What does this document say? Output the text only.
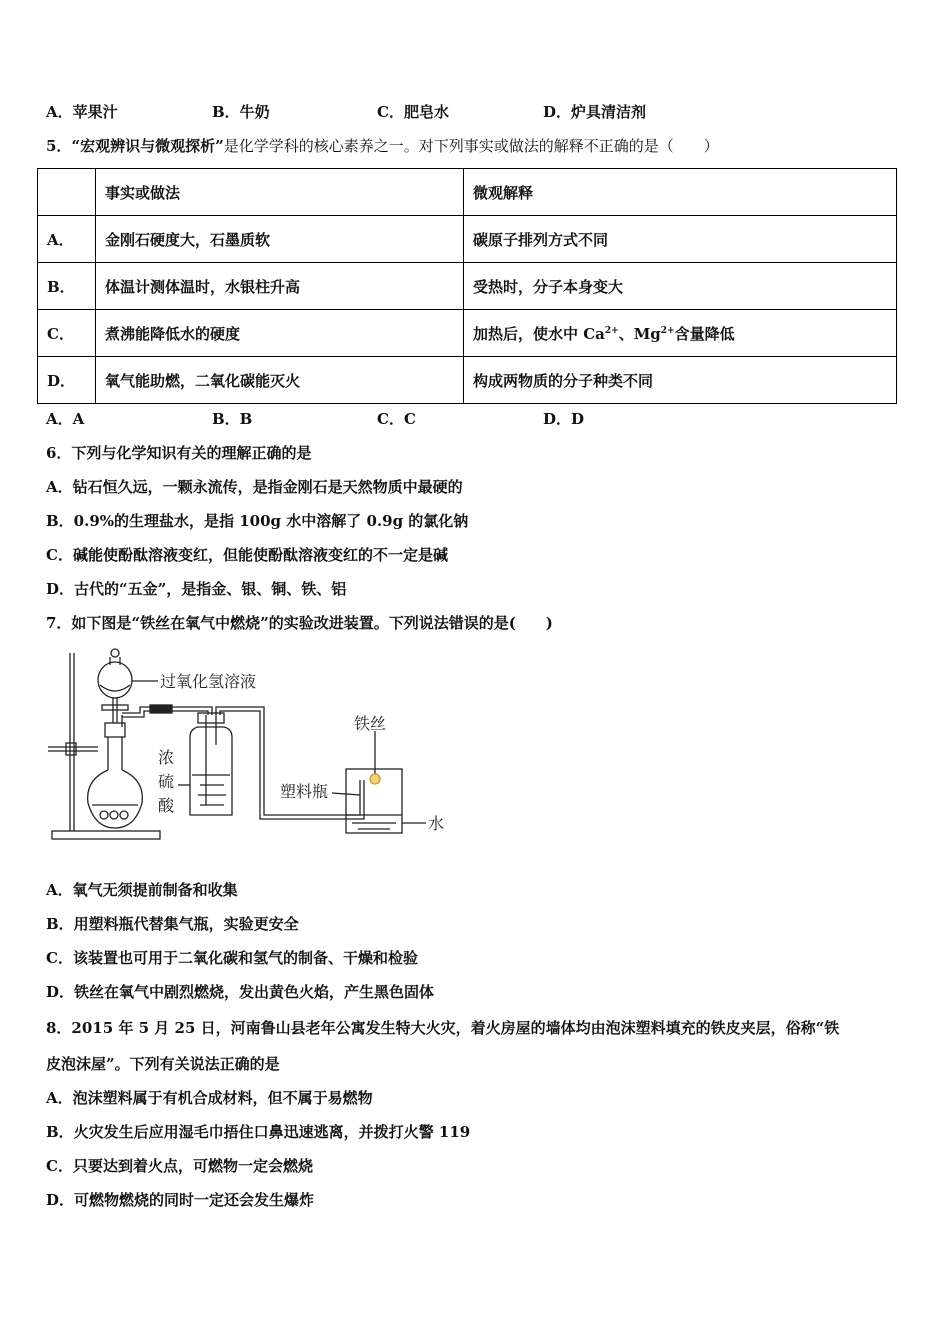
A．苹果汁	B．牛奶	C．肥皂水	D．炉具清洁剂
5．“宏观辨识与微观探析”是化学学科的核心素养之一。对下列事实或做法的解释不正确的是（　　）
	事实或做法	微观解释
A．	金刚石硬度大，石墨质软	碳原子排列方式不同
B．	体温计测体温时，水银柱升高	受热时，分子本身变大
C．	煮沸能降低水的硬度	加热后，使水中 $Ca^{2+}$、$Mg^{2+}$含量降低
D．	氧气能助燃，二氧化碳能灭火	构成两物质的分子种类不同
A．A	B．B	C．C	D．D
6．下列与化学知识有关的理解正确的是
A．钻石恒久远，一颗永流传，是指金刚石是天然物质中最硬的
B．0.9%的生理盐水，是指 100g 水中溶解了 0.9g 的氯化钠
C．碱能使酚酞溶液变红，但能使酚酞溶液变红的不一定是碱
D．古代的“五金”，是指金、银、铜、铁、铝
7．如下图是“铁丝在氧气中燃烧”的实验改进装置。下列说法错误的是(　　)
过氧化氢溶液
浓
硫
酸
塑料瓶
铁丝
水
A．氧气无须提前制备和收集
B．用塑料瓶代替集气瓶，实验更安全
C．该装置也可用于二氧化碳和氢气的制备、干燥和检验
D．铁丝在氧气中剧烈燃烧，发出黄色火焰，产生黑色固体
8．2015 年 5 月 25 日，河南鲁山县老年公寓发生特大火灾，着火房屋的墙体均由泡沫塑料填充的铁皮夹层，俗称“铁
皮泡沫屋”。下列有关说法正确的是
A．泡沫塑料属于有机合成材料，但不属于易燃物
B．火灾发生后应用湿毛巾捂住口鼻迅速逃离，并拨打火警 119
C．只要达到着火点，可燃物一定会燃烧
D．可燃物燃烧的同时一定还会发生爆炸
